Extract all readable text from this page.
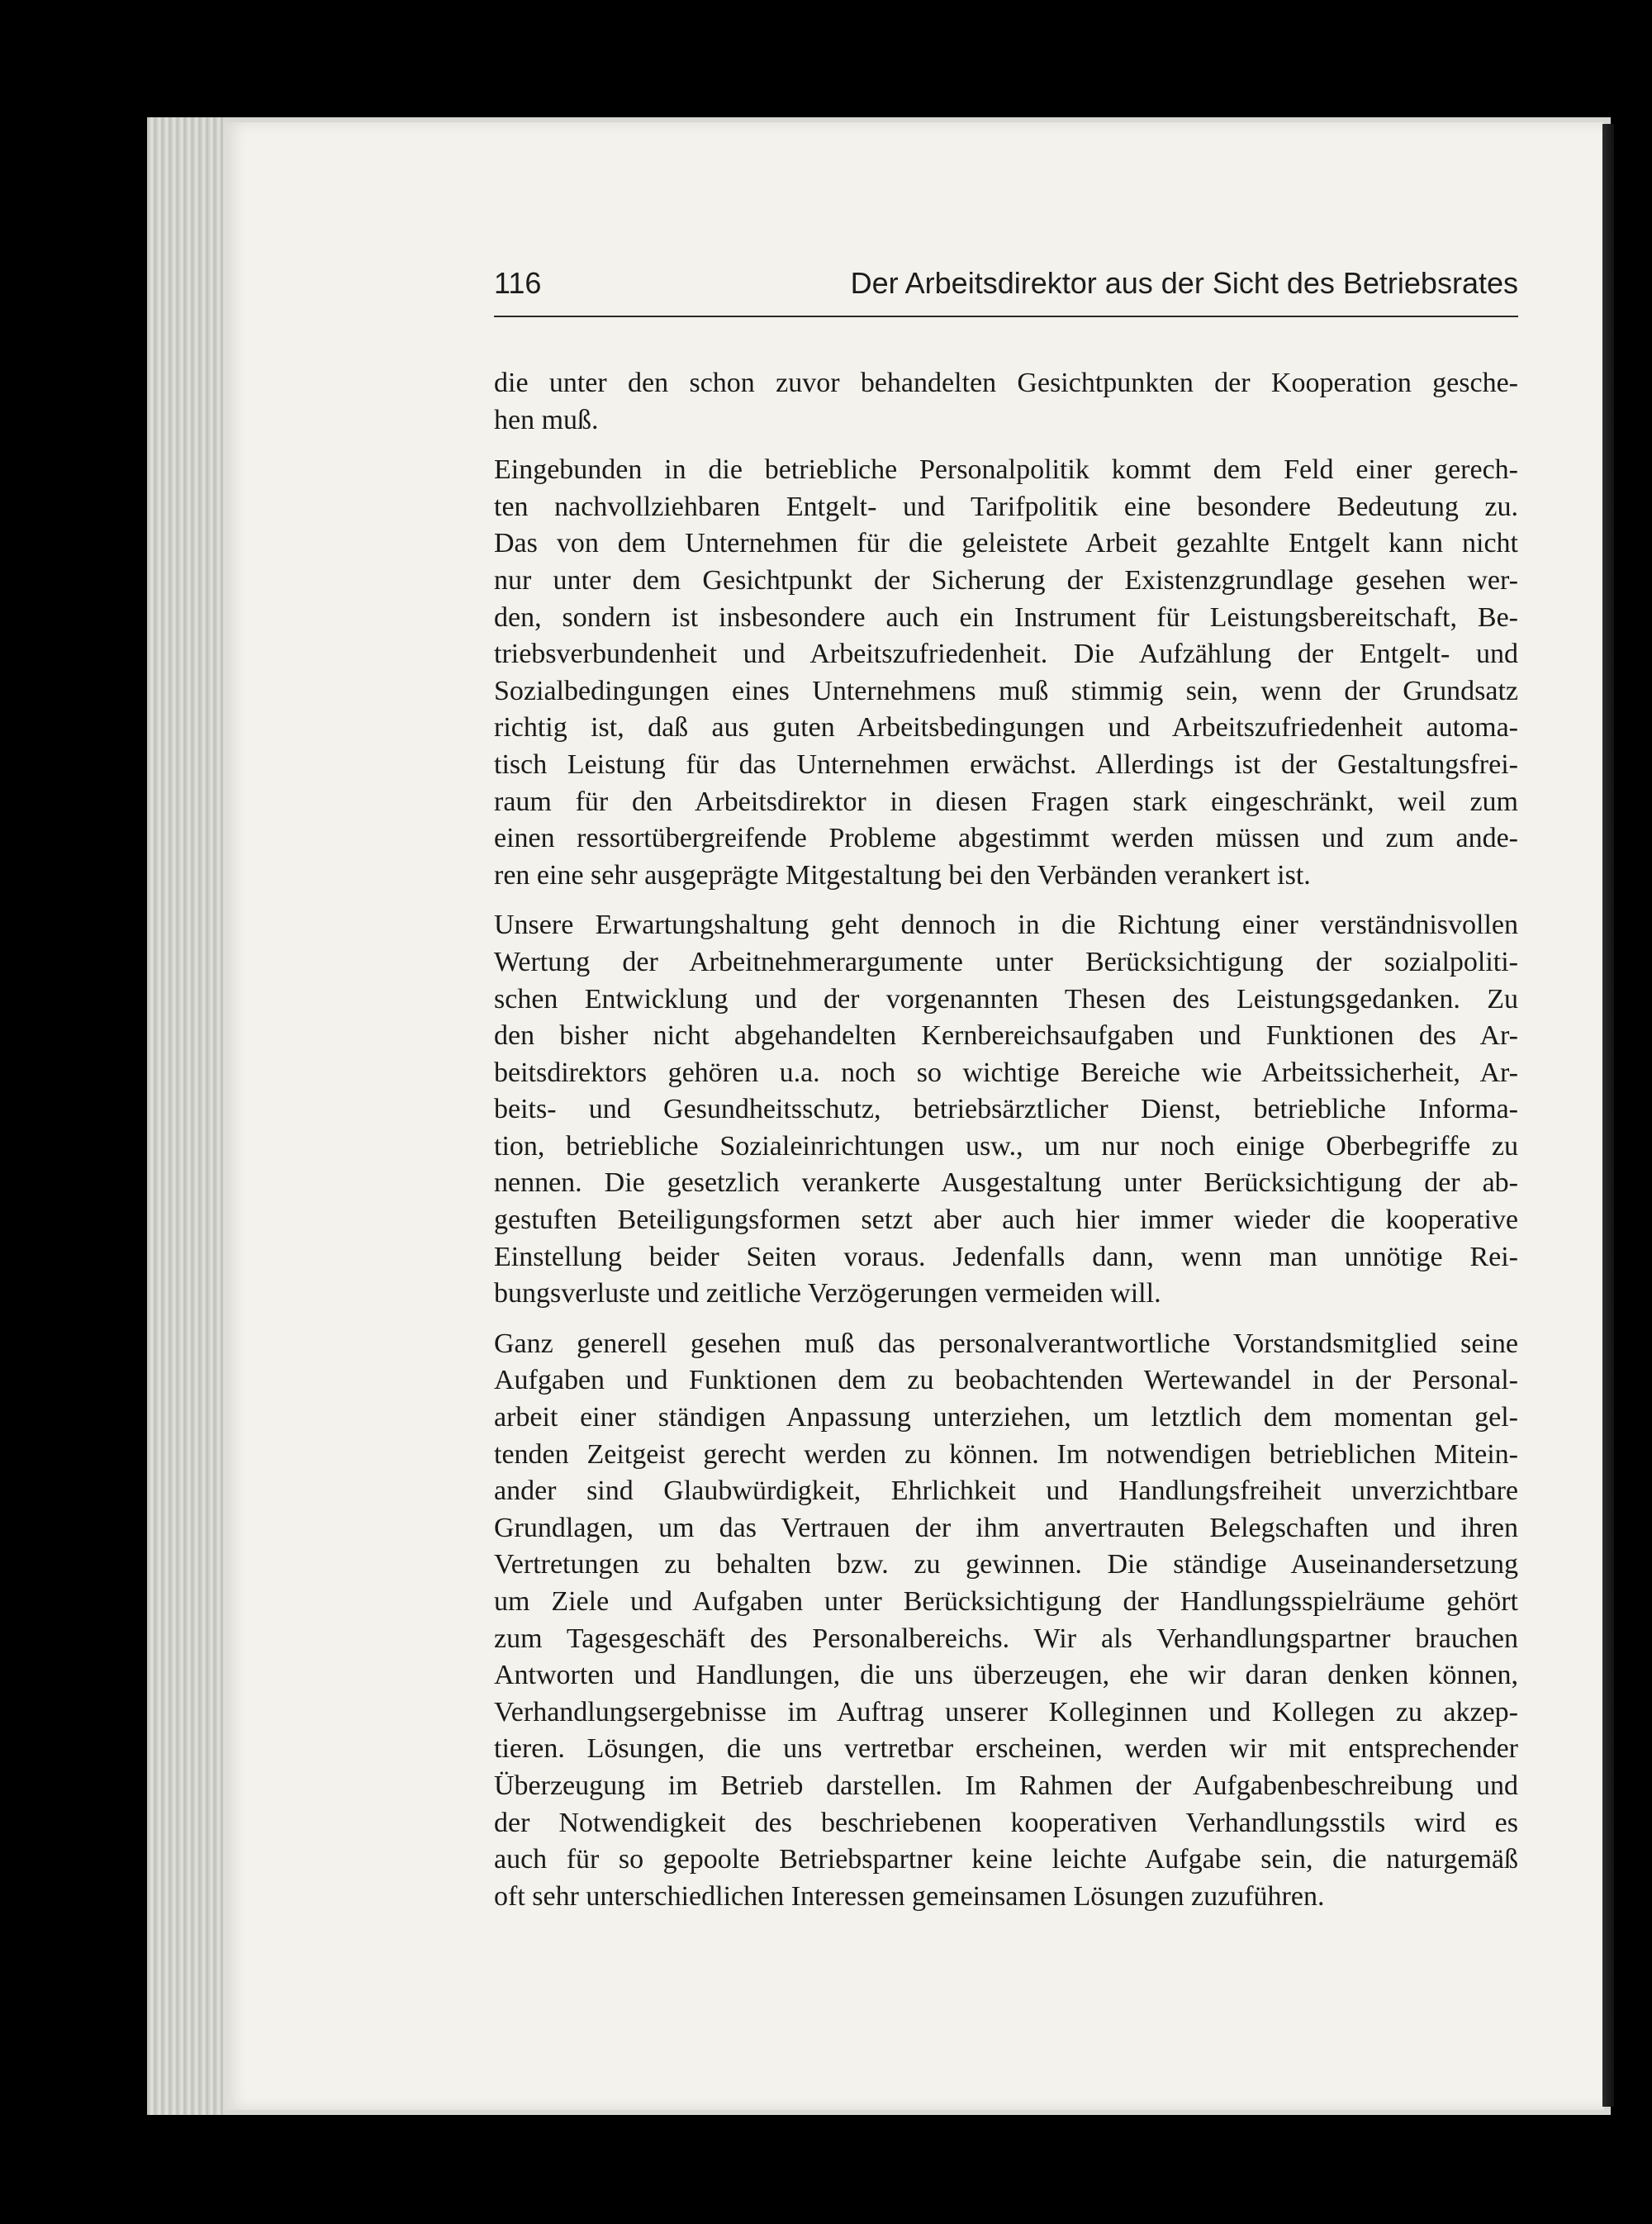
116	Der Arbeitsdirektor aus der Sicht des Betriebsrates
die unter den schon zuvor behandelten Gesichtpunkten der Kooperation gesche-
hen muß.
Eingebunden in die betriebliche Personalpolitik kommt dem Feld einer gerech-
ten nachvollziehbaren Entgelt- und Tarifpolitik eine besondere Bedeutung zu.
Das von dem Unternehmen für die geleistete Arbeit gezahlte Entgelt kann nicht
nur unter dem Gesichtpunkt der Sicherung der Existenzgrundlage gesehen wer-
den, sondern ist insbesondere auch ein Instrument für Leistungsbereitschaft, Be-
triebsverbundenheit und Arbeitszufriedenheit. Die Aufzählung der Entgelt- und
Sozialbedingungen eines Unternehmens muß stimmig sein, wenn der Grundsatz
richtig ist, daß aus guten Arbeitsbedingungen und Arbeitszufriedenheit automa-
tisch Leistung für das Unternehmen erwächst. Allerdings ist der Gestaltungsfrei-
raum für den Arbeitsdirektor in diesen Fragen stark eingeschränkt, weil zum
einen ressortübergreifende Probleme abgestimmt werden müssen und zum ande-
ren eine sehr ausgeprägte Mitgestaltung bei den Verbänden verankert ist.
Unsere Erwartungshaltung geht dennoch in die Richtung einer verständnisvollen
Wertung der Arbeitnehmerargumente unter Berücksichtigung der sozialpoliti-
schen Entwicklung und der vorgenannten Thesen des Leistungsgedanken. Zu
den bisher nicht abgehandelten Kernbereichsaufgaben und Funktionen des Ar-
beitsdirektors gehören u.a. noch so wichtige Bereiche wie Arbeitssicherheit, Ar-
beits- und Gesundheitsschutz, betriebsärztlicher Dienst, betriebliche Informa-
tion, betriebliche Sozialeinrichtungen usw., um nur noch einige Oberbegriffe zu
nennen. Die gesetzlich verankerte Ausgestaltung unter Berücksichtigung der ab-
gestuften Beteiligungsformen setzt aber auch hier immer wieder die kooperative
Einstellung beider Seiten voraus. Jedenfalls dann, wenn man unnötige Rei-
bungsverluste und zeitliche Verzögerungen vermeiden will.
Ganz generell gesehen muß das personalverantwortliche Vorstandsmitglied seine
Aufgaben und Funktionen dem zu beobachtenden Wertewandel in der Personal-
arbeit einer ständigen Anpassung unterziehen, um letztlich dem momentan gel-
tenden Zeitgeist gerecht werden zu können. Im notwendigen betrieblichen Mitein-
ander sind Glaubwürdigkeit, Ehrlichkeit und Handlungsfreiheit unverzichtbare
Grundlagen, um das Vertrauen der ihm anvertrauten Belegschaften und ihren
Vertretungen zu behalten bzw. zu gewinnen. Die ständige Auseinandersetzung
um Ziele und Aufgaben unter Berücksichtigung der Handlungsspielräume gehört
zum Tagesgeschäft des Personalbereichs. Wir als Verhandlungspartner brauchen
Antworten und Handlungen, die uns überzeugen, ehe wir daran denken können,
Verhandlungsergebnisse im Auftrag unserer Kolleginnen und Kollegen zu akzep-
tieren. Lösungen, die uns vertretbar erscheinen, werden wir mit entsprechender
Überzeugung im Betrieb darstellen. Im Rahmen der Aufgabenbeschreibung und
der Notwendigkeit des beschriebenen kooperativen Verhandlungsstils wird es
auch für so gepoolte Betriebspartner keine leichte Aufgabe sein, die naturgemäß
oft sehr unterschiedlichen Interessen gemeinsamen Lösungen zuzuführen.
